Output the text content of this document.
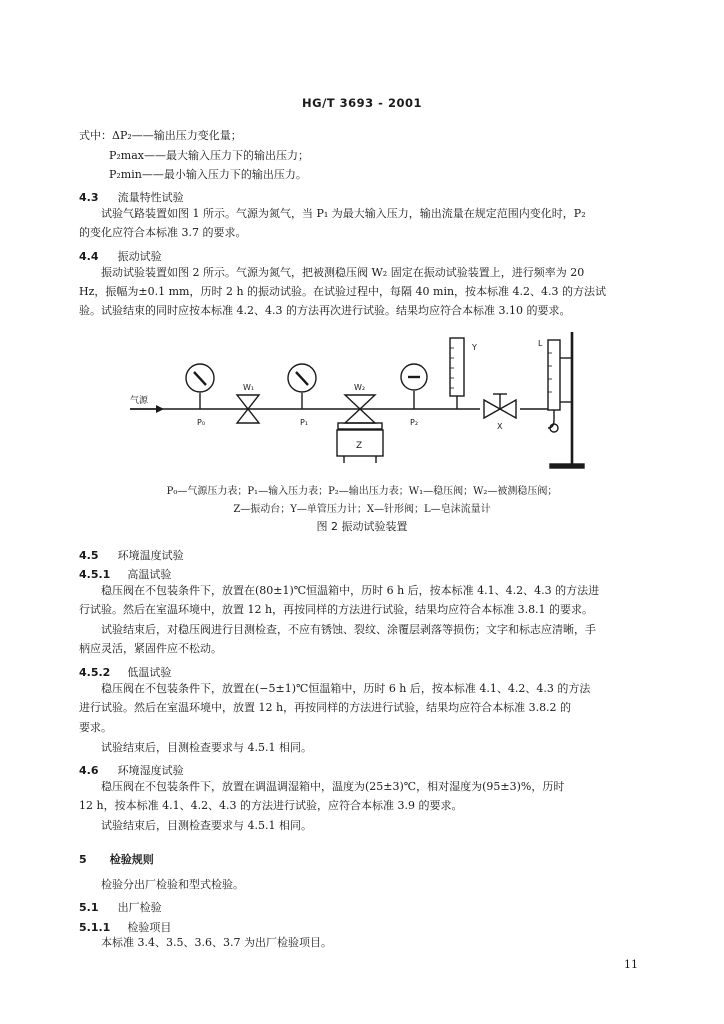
HG/T 3693 - 2001
式中：ΔP₂——输出压力变化量；
P₂max——最大输入压力下的输出压力；
P₂min——最小输入压力下的输出压力。
4.3 流量特性试验
试验气路装置如图 1 所示。气源为氮气，当 P₁ 为最大输入压力，输出流量在规定范围内变化时，P₂
的变化应符合本标准 3.7 的要求。
4.4 振动试验
振动试验装置如图 2 所示。气源为氮气，把被测稳压阀 W₂ 固定在振动试验装置上，进行频率为 20
Hz，振幅为±0.1 mm，历时 2 h 的振动试验。在试验过程中，每隔 40 min，按本标准 4.2、4.3 的方法试
验。试验结束的同时应按本标准 4.2、4.3 的方法再次进行试验。结果均应符合本标准 3.10 的要求。
气源
P₀
W₁
P₁
W₂
Z
P₂
Y
X
L
P₀—气源压力表；P₁—输入压力表；P₂—输出压力表；W₁—稳压阀；W₂—被测稳压阀；
Z—振动台；Y—单管压力计；X—针形阀；L—皂沫流量计
图 2 振动试验装置
4.5 环境温度试验
4.5.1 高温试验
稳压阀在不包装条件下，放置在(80±1)℃恒温箱中，历时 6 h 后，按本标准 4.1、4.2、4.3 的方法进
行试验。然后在室温环境中，放置 12 h，再按同样的方法进行试验，结果均应符合本标准 3.8.1 的要求。
试验结束后，对稳压阀进行目测检查，不应有锈蚀、裂纹、涂覆层剥落等损伤；文字和标志应清晰，手
柄应灵活，紧固件应不松动。
4.5.2 低温试验
稳压阀在不包装条件下，放置在(−5±1)℃恒温箱中，历时 6 h 后，按本标准 4.1、4.2、4.3 的方法
进行试验。然后在室温环境中，放置 12 h，再按同样的方法进行试验，结果均应符合本标准 3.8.2 的
要求。
试验结束后，目测检查要求与 4.5.1 相同。
4.6 环境湿度试验
稳压阀在不包装条件下，放置在调温调湿箱中，温度为(25±3)℃，相对湿度为(95±3)%，历时
12 h，按本标准 4.1、4.2、4.3 的方法进行试验，应符合本标准 3.9 的要求。
试验结束后，目测检查要求与 4.5.1 相同。
5 检验规则
检验分出厂检验和型式检验。
5.1 出厂检验
5.1.1 检验项目
本标准 3.4、3.5、3.6、3.7 为出厂检验项目。
11
